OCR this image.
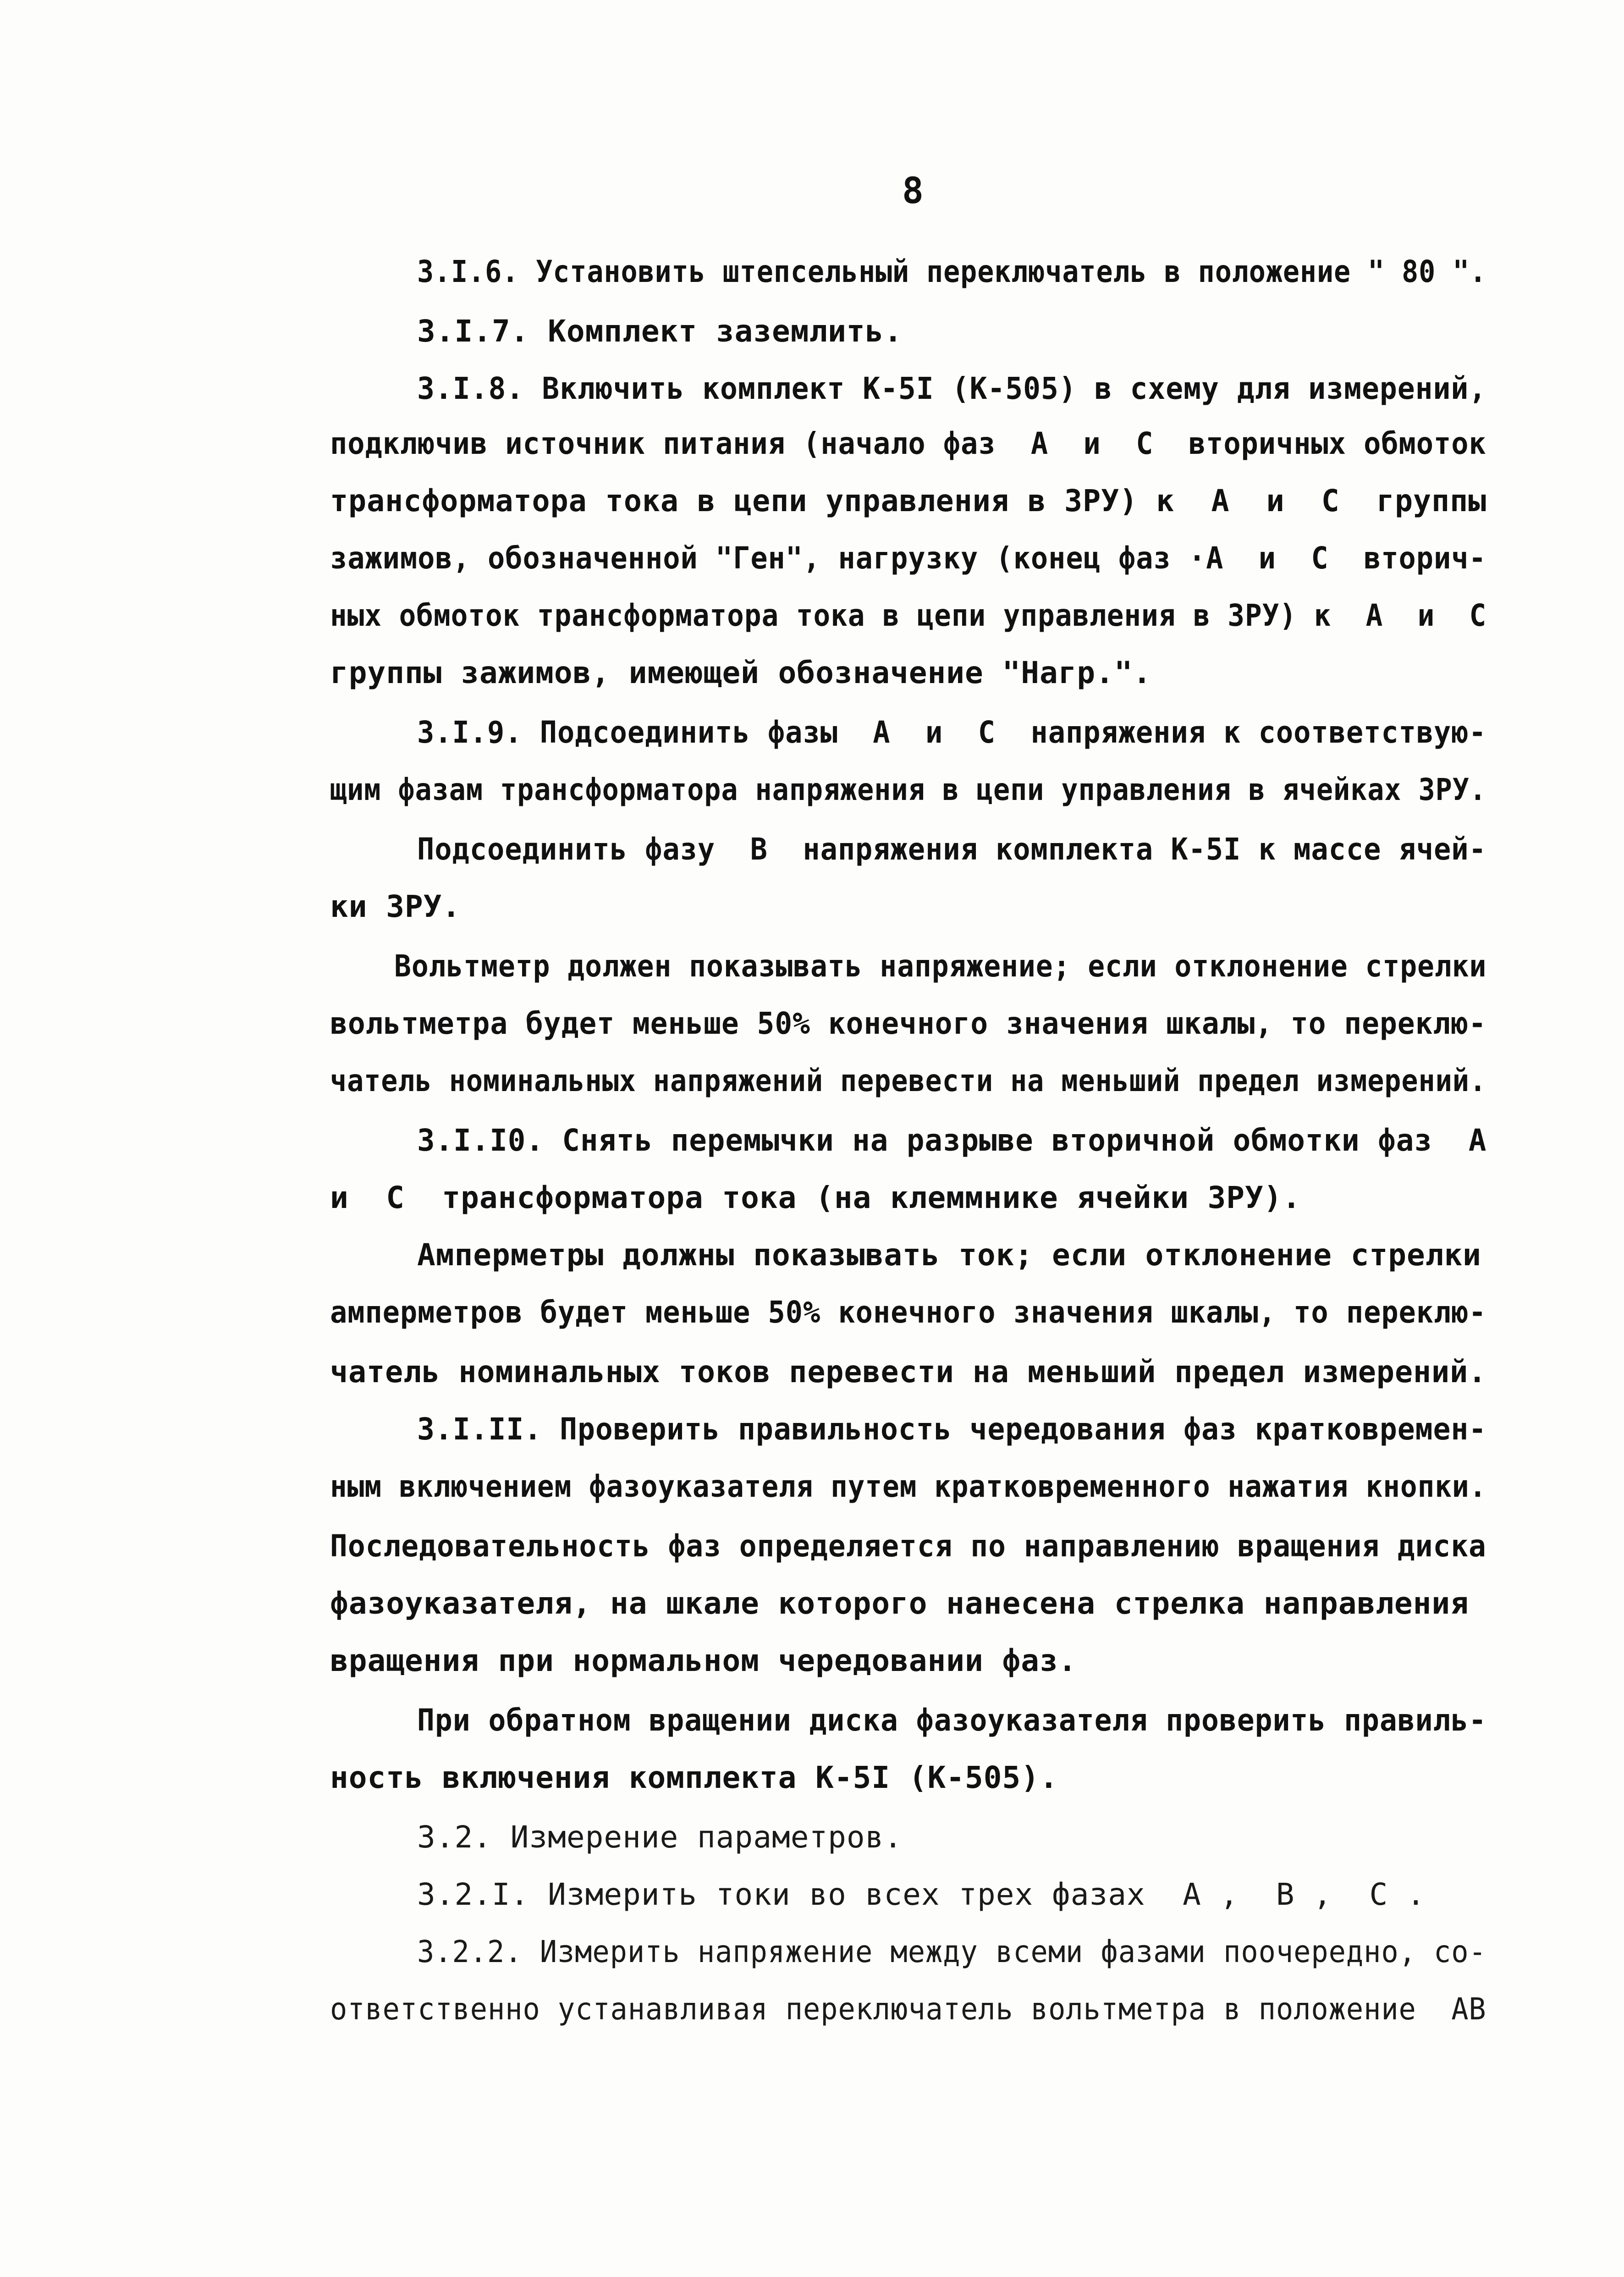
8
3.I.6. Установить штепсельный переключатель в положение " 80 ".
3.I.7. Комплект заземлить.
3.I.8. Включить комплект К-5I (К-505) в схему для измерений,
подключив источник питания (начало фаз  А  и  С  вторичных обмоток
трансформатора тока в цепи управления в ЗРУ) к  А  и  С  группы
зажимов, обозначенной "Ген", нагрузку (конец фаз ·А  и  С  вторич-
ных обмоток трансформатора тока в цепи управления в ЗРУ) к  А  и  С
группы зажимов, имеющей обозначение "Нагр.".
3.I.9. Подсоединить фазы  А  и  С  напряжения к соответствую-
щим фазам трансформатора напряжения в цепи управления в ячейках ЗРУ.
Подсоединить фазу  В  напряжения комплекта К-5I к массе ячей-
ки ЗРУ.
Вольтметр должен показывать напряжение; если отклонение стрелки
вольтметра будет меньше 50% конечного значения шкалы, то переклю-
чатель номинальных напряжений перевести на меньший предел измерений.
3.I.I0. Снять перемычки на разрыве вторичной обмотки фаз  А
и  С  трансформатора тока (на клеммнике ячейки ЗРУ).
Амперметры должны показывать ток; если отклонение стрелки
амперметров будет меньше 50% конечного значения шкалы, то переклю-
чатель номинальных токов перевести на меньший предел измерений.
3.I.II. Проверить правильность чередования фаз кратковремен-
ным включением фазоуказателя путем кратковременного нажатия кнопки.
Последовательность фаз определяется по направлению вращения диска
фазоуказателя, на шкале которого нанесена стрелка направления
вращения при нормальном чередовании фаз.
При обратном вращении диска фазоуказателя проверить правиль-
ность включения комплекта К-5I (К-505).
3.2. Измерение параметров.
3.2.I. Измерить токи во всех трех фазах  А ,  В ,  С .
3.2.2. Измерить напряжение между всеми фазами поочередно, со-
ответственно устанавливая переключатель вольтметра в положение  АВ
